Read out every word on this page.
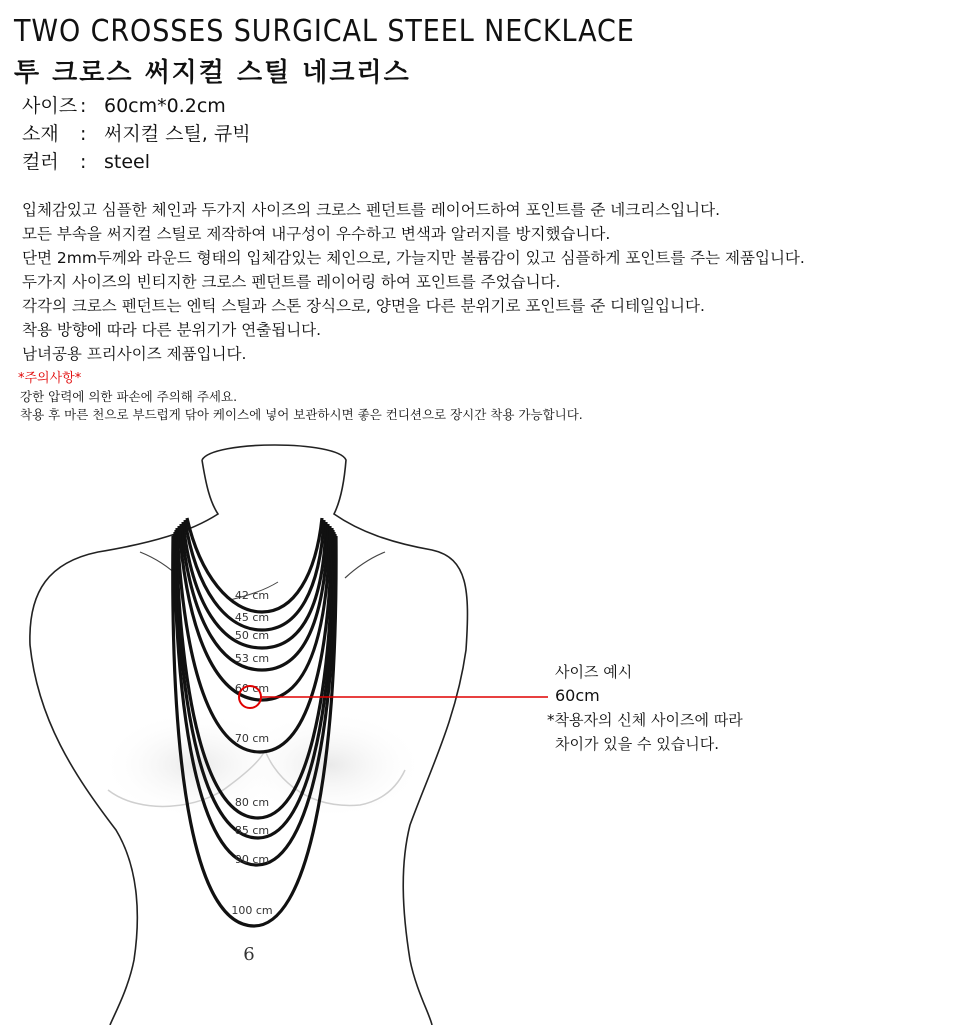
TWO CROSSES SURGICAL STEEL NECKLACE
투 크로스 써지컬 스틸 네크리스
사이즈 : 60cm*0.2cm
소재 : 써지컬 스틸, 큐빅
컬러 : steel
입체감있고 심플한 체인과 두가지 사이즈의 크로스 펜던트를 레이어드하여 포인트를 준 네크리스입니다.
모든 부속을 써지컬 스틸로 제작하여 내구성이 우수하고 변색과 알러지를 방지했습니다.
단면 2mm두께와 라운드 형태의 입체감있는 체인으로, 가늘지만 볼륨감이 있고 심플하게 포인트를 주는 제품입니다.
두가지 사이즈의 빈티지한 크로스 펜던트를 레이어링 하여 포인트를 주었습니다.
각각의 크로스 펜던트는 엔틱 스틸과 스톤 장식으로, 양면을 다른 분위기로 포인트를 준 디테일입니다.
착용 방향에 따라 다른 분위기가 연출됩니다.
남녀공용 프리사이즈 제품입니다.
*주의사항*
강한 압력에 의한 파손에 주의해 주세요.
착용 후 마른 천으로 부드럽게 닦아 케이스에 넣어 보관하시면 좋은 컨디션으로 장시간 착용 가능합니다.
42 cm
45 cm
50 cm
53 cm
60 cm
70 cm
80 cm
85 cm
90 cm
100 cm
6
사이즈 예시
60cm
*착용자의 신체 사이즈에 따라
차이가 있을 수 있습니다.
